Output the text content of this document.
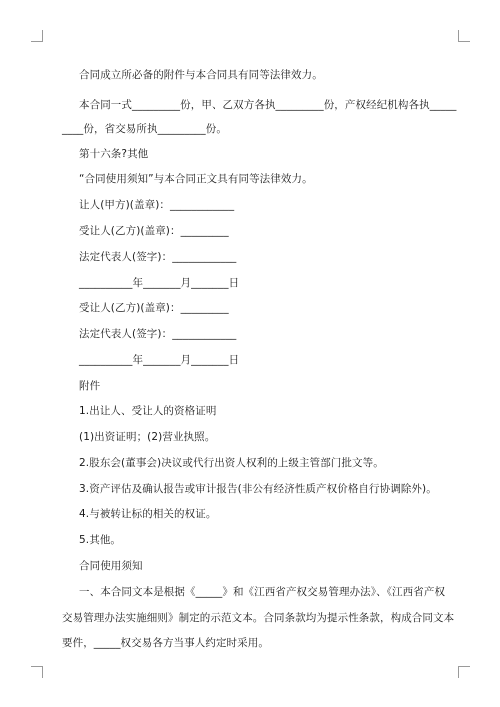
合同成立所必备的附件与本合同具有同等法律效力。
本合同一式_________份，甲、乙双方各执_________份，产权经纪机构各执_____
____份，省交易所执_________份。
第十六条?其他
“合同使用须知”与本合同正文具有同等法律效力。
让人(甲方)(盖章)：____________
受让人(乙方)(盖章)：_________
法定代表人(签字)：____________
__________年_______月_______日
受让人(乙方)(盖章)：_________
法定代表人(签字)：____________
__________年_______月_______日
附件
1.出让人、受让人的资格证明
(1)出资证明；(2)营业执照。
2.股东会(董事会)决议或代行出资人权利的上级主管部门批文等。
3.资产评估及确认报告或审计报告(非公有经济性质产权价格自行协调除外)。
4.与被转让标的相关的权证。
5.其他。
合同使用须知
一、本合同文本是根据《_____》和《江西省产权交易管理办法》、《江西省产权
交易管理办法实施细则》制定的示范文本。合同条款均为提示性条款，构成合同文本
要件，_____权交易各方当事人约定时采用。
